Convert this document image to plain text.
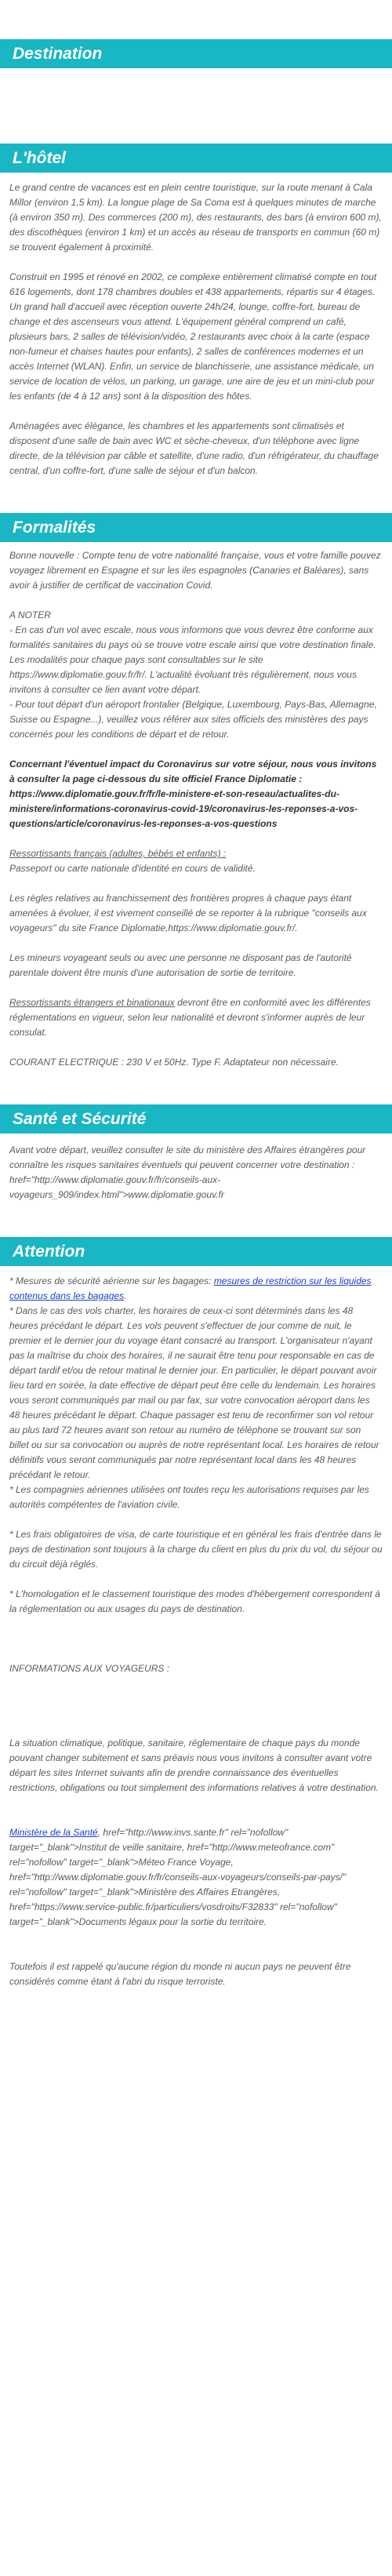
Destination
L'hôtel

Le grand centre de vacances est en plein centre touristique, sur la route menant à Cala Millor (environ 1,5 km). La longue plage de Sa Coma est à quelques minutes de marche (à environ 350 m). Des commerces (200 m), des restaurants, des bars (à environ 600 m), des discothèques (environ 1 km) et un accès au réseau de transports en commun (60 m) se trouvent également à proximité.

Construit en 1995 et rénové en 2002, ce complexe entièrement climatisé compte en tout 616 logements, dont 178 chambres doubles et 438 appartements, répartis sur 4 étages. Un grand hall d'accueil avec réception ouverte 24h/24, lounge, coffre-fort, bureau de change et des ascenseurs vous attend. L'équipement général comprend un café, plusieurs bars, 2 salles de télévision/vidéo, 2 restaurants avec choix à la carte (espace non-fumeur et chaises hautes pour enfants), 2 salles de conférences modernes et un accès Internet (WLAN). Enfin, un service de blanchisserie, une assistance médicale, un service de location de vélos, un parking, un garage, une aire de jeu et un mini-club pour les enfants (de 4 à 12 ans) sont à la disposition des hôtes.

Aménagées avec élégance, les chambres et les appartements sont climatisés et disposent d'une salle de bain avec WC et sèche-cheveux, d'un téléphone avec ligne directe, de la télévision par câble et satellite, d'une radio, d'un réfrigérateur, du chauffage central, d'un coffre-fort, d'une salle de séjour et d'un balcon.

Formalités

Bonne nouvelle : Compte tenu de votre nationalité française, vous et votre famille pouvez voyagez librement en Espagne et sur les iles espagnoles (Canaries et Baléares), sans avoir à justifier de certificat de vaccination Covid.

A NOTER

- En cas d'un vol avec escale, nous vous informons que vous devrez être conforme aux formalités sanitaires du pays où se trouve votre escale ainsi que votre destination finale.

Les modalités pour chaque pays sont consultables sur le site https://www.diplomatie.gouv.fr/fr/. L'actualité évoluant très régulièrement, nous vous invitons à consulter ce lien avant votre départ.

- Pour tout départ d'un aéroport frontalier (Belgique, Luxembourg, Pays-Bas, Allemagne, Suisse ou Espagne...), veuillez vous référer aux sites officiels des ministères des pays concernés pour les conditions de départ et de retour.

Concernant l'éventuel impact du Coronavirus sur votre séjour, nous vous invitons à consulter la page ci-dessous du site officiel France Diplomatie : https://www.diplomatie.gouv.fr/fr/le-ministere-et-son-reseau/actualites-du-ministere/informations-coronavirus-covid-19/coronavirus-les-reponses-a-vos-questions/article/coronavirus-les-reponses-a-vos-questions

Ressortissants français (adultes, bébés et enfants) :

Passeport ou carte nationale d'identité en cours de validité.

Les règles relatives au franchissement des frontières propres à chaque pays étant amenées à évoluer, il est vivement conseillé de se reporter à la rubrique "conseils aux voyageurs" du site France Diplomatie,https://www.diplomatie.gouv.fr/.

Les mineurs voyageant seuls ou avec une personne ne disposant pas de l'autorité parentale doivent être munis d'une autorisation de sortie de territoire.

Ressortissants étrangers et binationaux devront être en conformité avec les différentes réglementations en vigueur, selon leur nationalité et devront s'informer auprès de leur consulat.

COURANT ELECTRIQUE : 230 V et 50Hz. Type F. Adaptateur non nécessaire.

Santé et Sécurité

Avant votre départ, veuillez consulter le site du ministère des Affaires étrangères pour connaître les risques sanitaires éventuels qui peuvent concerner votre destination : href="http://www.diplomatie.gouv.fr/fr/conseils-aux-voyageurs_909/index.html">www.diplomatie.gouv.fr

Attention

* Mesures de sécurité aérienne sur les bagages: mesures de restriction sur les liquides contenus dans les bagages.

* Dans le cas des vols charter, les horaires de ceux-ci sont déterminés dans les 48 heures précédant le départ. Les vols peuvent s'effectuer de jour comme de nuit, le premier et le dernier jour du voyage étant consacré au transport. L'organisateur n'ayant pas la maîtrise du choix des horaires, il ne saurait être tenu pour responsable en cas de départ tardif et/ou de retour matinal le dernier jour. En particulier, le départ pouvant avoir lieu tard en soirée, la date effective de départ peut être celle du lendemain. Les horaires vous seront communiqués par mail ou par fax, sur votre convocation aéroport dans les 48 heures précédant le départ. Chaque passager est tenu de reconfirmer son vol retour au plus tard 72 heures avant son retour au numéro de téléphone se trouvant sur son billet ou sur sa convocation ou auprès de notre représentant local. Les horaires de retour définitifs vous seront communiqués par notre représentant local dans les 48 heures précédant le retour.

* Les compagnies aériennes utilisées ont toutes reçu les autorisations requises par les autorités compétentes de l'aviation civile.

* Les frais obligatoires de visa, de carte touristique et en général les frais d'entrée dans le pays de destination sont toujours à la charge du client en plus du prix du vol, du séjour ou du circuit déjà réglés.

* L'homologation et le classement touristique des modes d'hébergement correspondent à la réglementation ou aux usages du pays de destination.

INFORMATIONS AUX VOYAGEURS :

La situation climatique, politique, sanitaire, réglementaire de chaque pays du monde pouvant changer subitement et sans préavis nous vous invitons à consulter avant votre départ les sites Internet suivants afin de prendre connaissance des éventuelles restrictions, obligations ou tout simplement des informations relatives à votre destination.

Ministère de la Santé, href="http://www.invs.sante.fr" rel="nofollow" target="_blank">Institut de veille sanitaire, href="http://www.meteofrance.com" rel="nofollow" target="_blank">Méteo France Voyage, href="http://www.diplomatie.gouv.fr/fr/conseils-aux-voyageurs/conseils-par-pays/" rel="nofollow" target="_blank">Ministère des Affaires Etrangères, href="https://www.service-public.fr/particuliers/vosdroits/F32833" rel="nofollow" target="_blank">Documents légaux pour la sortie du territoire.

Toutefois il est rappelé qu'aucune région du monde ni aucun pays ne peuvent être considérés comme étant à l'abri du risque terroriste.
